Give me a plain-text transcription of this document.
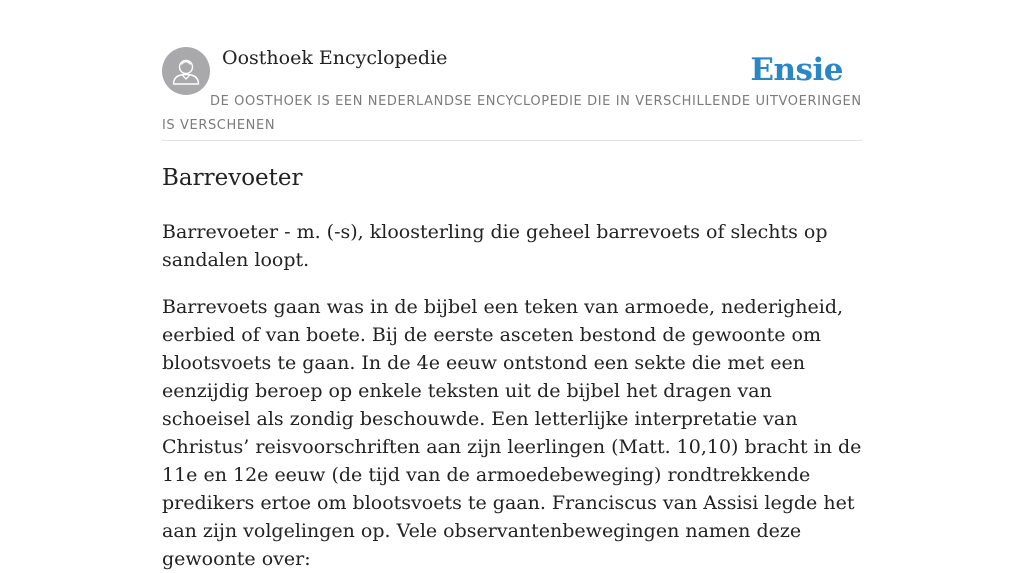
Oosthoek Encyclopedie	Ensie
DE OOSTHOEK IS EEN NEDERLANDSE ENCYCLOPEDIE DIE IN VERSCHILLENDE UITVOERINGEN IS VERSCHENEN
Barrevoeter

Barrevoeter - m. (-s), kloosterling die geheel barrevoets of slechts op sandalen loopt.

Barrevoets gaan was in de bijbel een teken van armoede, nederigheid, eerbied of van boete. Bij de eerste asceten bestond de gewoonte om blootsvoets te gaan. In de 4e eeuw ontstond een sekte die met een eenzijdig beroep op enkele teksten uit de bijbel het dragen van schoeisel als zondig beschouwde. Een letterlijke interpretatie van Christus’ reisvoorschriften aan zijn leerlingen (Matt. 10,10) bracht in de 11e en 12e eeuw (de tijd van de armoedebeweging) rondtrekkende predikers ertoe om blootsvoets te gaan. Franciscus van Assisi legde het aan zijn volgelingen op. Vele observantenbewegingen namen deze gewoonte over:
